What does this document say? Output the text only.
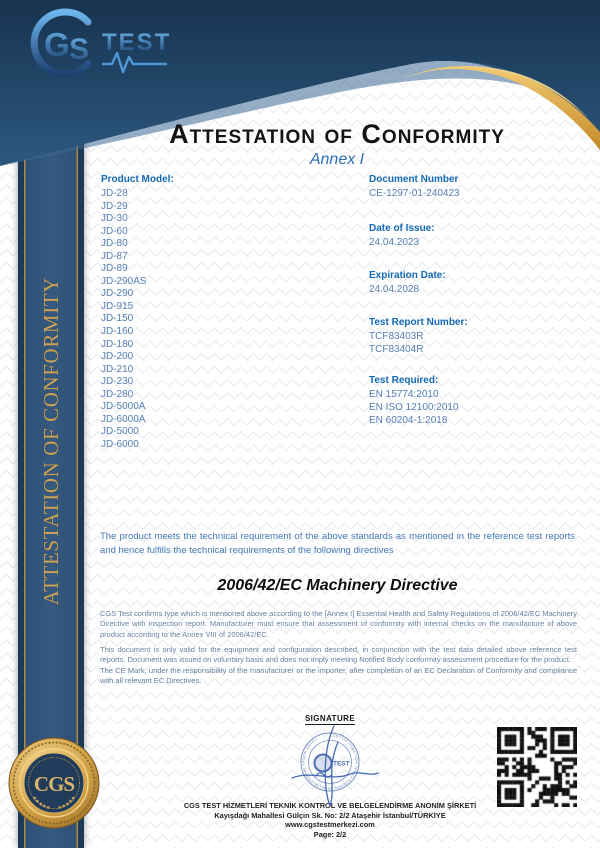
ATTESTATION OF CONFORMITY
G S TEST
CGS
Attestation of Conformity
Annex I
Product Model:
JD-28
JD-29
JD-30
JD-60
JD-80
JD-87
JD-89
JD-290AS
JD-290
JD-915
JD-150
JD-160
JD-180
JD-200
JD-210
JD-230
JD-280
JD-5000A
JD-6000A
JD-5000
JD-6000
Document Number
CE-1297-01-240423
Date of Issue:
24.04.2023
Expiration Date:
24.04.2028
Test Report Number:
TCF83403R
TCF83404R
Test Required:
EN 15774:2010
EN ISO 12100:2010
EN 60204-1:2018

The product meets the technical requirement of the above standards as mentioned in the reference test reports and hence fulfills the technical requirements of the following directives

2006/42/EC Machinery Directive

CGS Test confirms type which is mentioned above according to the [Annex I] Essential Health and Safety Regulations of 2006/42/EC Machinery Directive with inspection report. Manufacturer must ensure that assessment of conformity with internal checks on the manufacture of above product according to the Annex VIII of 2006/42/EC.

This document is only valid for the equipment and configuration described, in conjunction with the test data detailed above reference test reports. Document was issued on voluntary basis and does not imply meeting Notified Body conformity assessment procedure for the product.

The CE Mark, under the responsibility of the manufacturer or the importer, after completion of an EC Declaration of Conformity and compliance with all relevant EC Directives.

SIGNATURE
CGS TEST HİZMETLERİ TEKNİK KONTROL VE BELGELENDİRME ANONİM ŞİRKETİ
TEST
CGS TEST HİZMETLERİ TEKNİK KONTROL VE BELGELENDİRME ANONİM ŞİRKETİ
Kayışdağı Mahallesi Gülçin Sk. No: 2/2 Ataşehir İstanbul/TÜRKİYE
www.cgstestmerkezi.com
Page: 2/2
